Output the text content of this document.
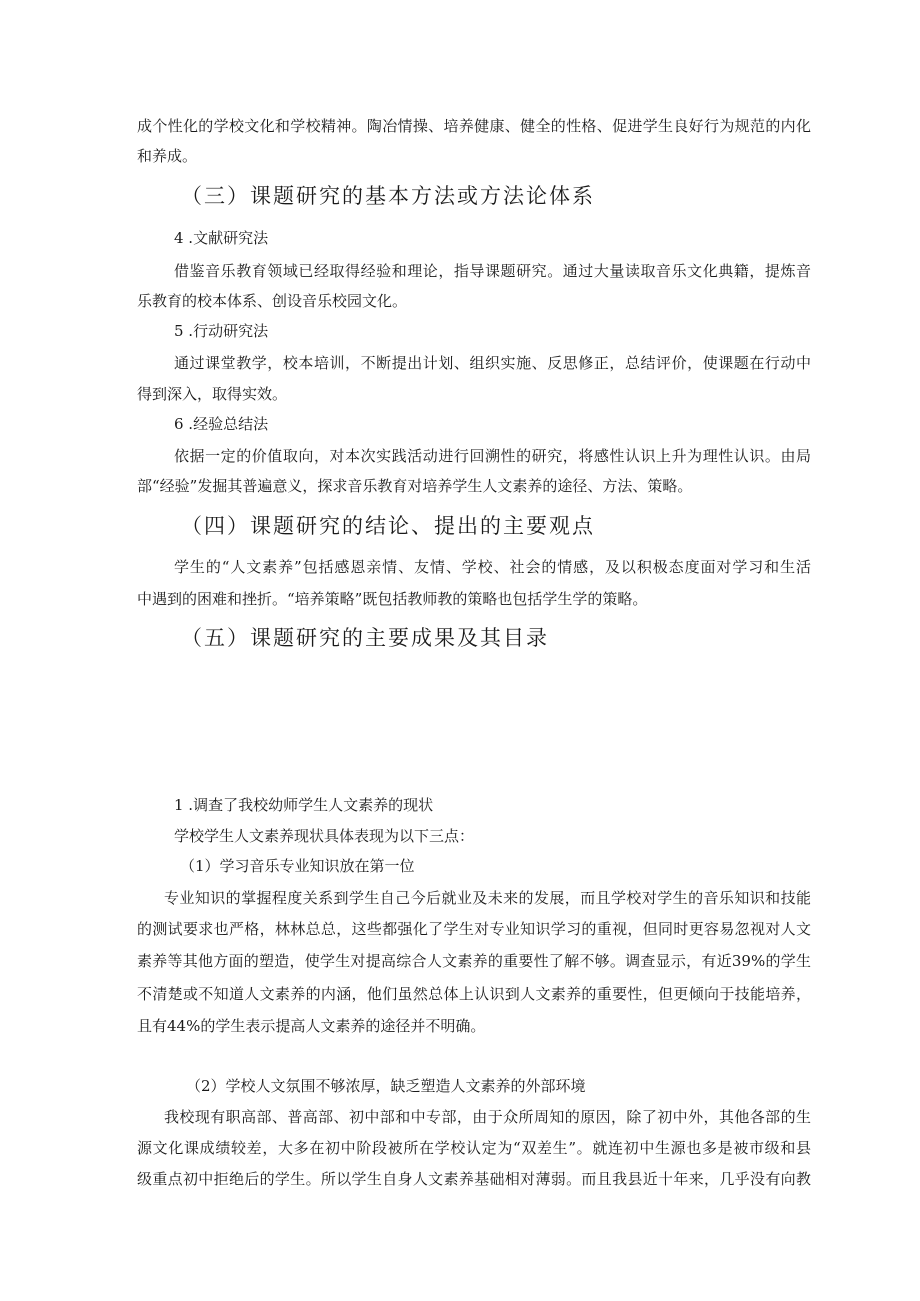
成个性化的学校文化和学校精神。陶冶情操、培养健康、健全的性格、促进学生良好行为规范的内化
和养成。
（三）课题研究的基本方法或方法论体系
4 .文献研究法
借鉴音乐教育领域已经取得经验和理论，指导课题研究。通过大量读取音乐文化典籍，提炼音
乐教育的校本体系、创设音乐校园文化。
5 .行动研究法
通过课堂教学，校本培训，不断提出计划、组织实施、反思修正，总结评价，使课题在行动中
得到深入，取得实效。
6 .经验总结法
依据一定的价值取向，对本次实践活动进行回溯性的研究，将感性认识上升为理性认识。由局
部“经验”发掘其普遍意义，探求音乐教育对培养学生人文素养的途径、方法、策略。
（四）课题研究的结论、提出的主要观点
学生的“人文素养”包括感恩亲情、友情、学校、社会的情感，及以积极态度面对学习和生活
中遇到的困难和挫折。“培养策略”既包括教师教的策略也包括学生学的策略。
（五）课题研究的主要成果及其目录
1 .调查了我校幼师学生人文素养的现状
学校学生人文素养现状具体表现为以下三点：
（1）学习音乐专业知识放在第一位
专业知识的掌握程度关系到学生自己今后就业及未来的发展，而且学校对学生的音乐知识和技能
的测试要求也严格，林林总总，这些都强化了学生对专业知识学习的重视，但同时更容易忽视对人文
素养等其他方面的塑造，使学生对提高综合人文素养的重要性了解不够。调查显示，有近39%的学生
不清楚或不知道人文素养的内涵，他们虽然总体上认识到人文素养的重要性，但更倾向于技能培养，
且有44%的学生表示提高人文素养的途径并不明确。
（2）学校人文氛围不够浓厚，缺乏塑造人文素养的外部环境
我校现有职高部、普高部、初中部和中专部，由于众所周知的原因，除了初中外，其他各部的生
源文化课成绩较差，大多在初中阶段被所在学校认定为“双差生”。就连初中生源也多是被市级和县
级重点初中拒绝后的学生。所以学生自身人文素养基础相对薄弱。而且我县近十年来，几乎没有向教
